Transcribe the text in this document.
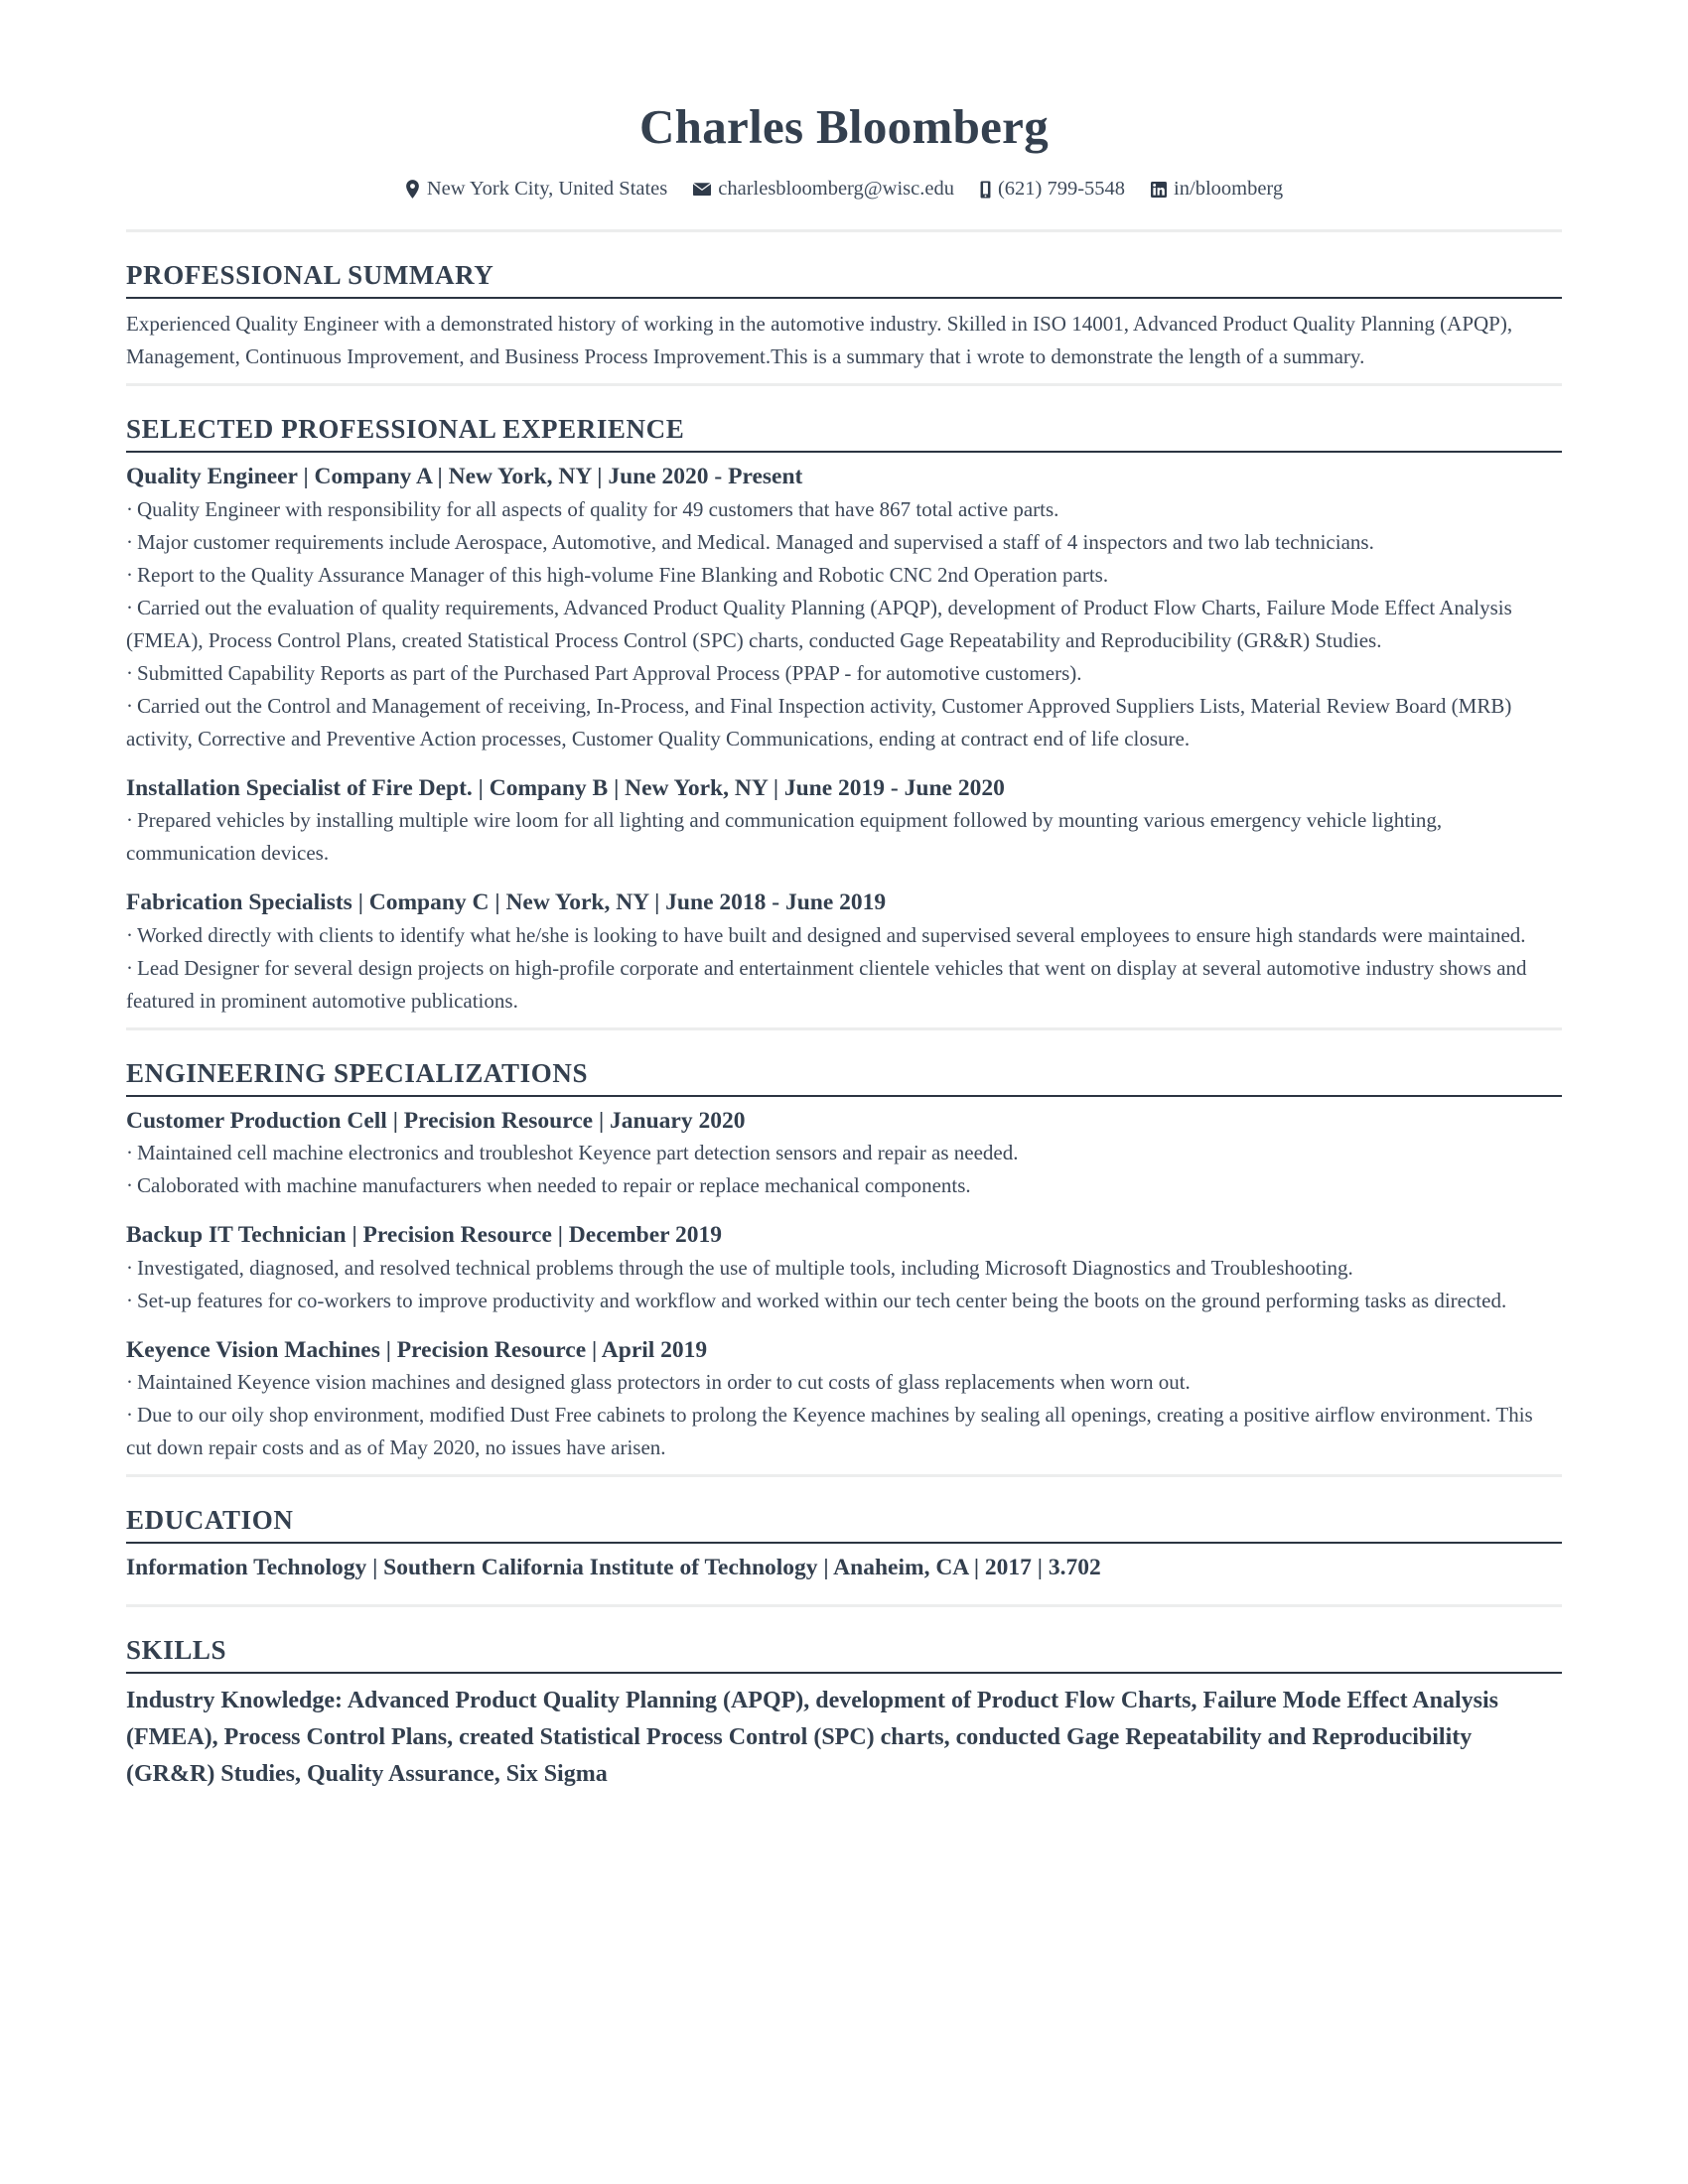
Charles Bloomberg
New York City, United States charlesbloomberg@wisc.edu (621) 799-5548 in/bloomberg
PROFESSIONAL SUMMARY

Experienced Quality Engineer with a demonstrated history of working in the automotive industry. Skilled in ISO 14001, Advanced Product Quality Planning (APQP), Management, Continuous Improvement, and Business Process Improvement.This is a summary that i wrote to demonstrate the length of a summary.

SELECTED PROFESSIONAL EXPERIENCE
Quality Engineer | Company A | New York, NY | June 2020 - Present
· Quality Engineer with responsibility for all aspects of quality for 49 customers that have 867 total active parts.
· Major customer requirements include Aerospace, Automotive, and Medical. Managed and supervised a staff of 4 inspectors and two lab technicians.
· Report to the Quality Assurance Manager of this high-volume Fine Blanking and Robotic CNC 2nd Operation parts.
· Carried out the evaluation of quality requirements, Advanced Product Quality Planning (APQP), development of Product Flow Charts, Failure Mode Effect Analysis (FMEA), Process Control Plans, created Statistical Process Control (SPC) charts, conducted Gage Repeatability and Reproducibility (GR&R) Studies.
· Submitted Capability Reports as part of the Purchased Part Approval Process (PPAP - for automotive customers).
· Carried out the Control and Management of receiving, In-Process, and Final Inspection activity, Customer Approved Suppliers Lists, Material Review Board (MRB) activity, Corrective and Preventive Action processes, Customer Quality Communications, ending at contract end of life closure.
Installation Specialist of Fire Dept. | Company B | New York, NY | June 2019 - June 2020
· Prepared vehicles by installing multiple wire loom for all lighting and communication equipment followed by mounting various emergency vehicle lighting, communication devices.
Fabrication Specialists | Company C | New York, NY | June 2018 - June 2019
· Worked directly with clients to identify what he/she is looking to have built and designed and supervised several employees to ensure high standards were maintained.
· Lead Designer for several design projects on high-profile corporate and entertainment clientele vehicles that went on display at several automotive industry shows and featured in prominent automotive publications.
ENGINEERING SPECIALIZATIONS
Customer Production Cell | Precision Resource | January 2020
· Maintained cell machine electronics and troubleshot Keyence part detection sensors and repair as needed.
· Caloborated with machine manufacturers when needed to repair or replace mechanical components.
Backup IT Technician | Precision Resource | December 2019
· Investigated, diagnosed, and resolved technical problems through the use of multiple tools, including Microsoft Diagnostics and Troubleshooting.
· Set-up features for co-workers to improve productivity and workflow and worked within our tech center being the boots on the ground performing tasks as directed.
Keyence Vision Machines | Precision Resource | April 2019
· Maintained Keyence vision machines and designed glass protectors in order to cut costs of glass replacements when worn out.
· Due to our oily shop environment, modified Dust Free cabinets to prolong the Keyence machines by sealing all openings, creating a positive airflow environment. This cut down repair costs and as of May 2020, no issues have arisen.
EDUCATION
Information Technology | Southern California Institute of Technology | Anaheim, CA | 2017 | 3.702
SKILLS
Industry Knowledge: Advanced Product Quality Planning (APQP), development of Product Flow Charts, Failure Mode Effect Analysis (FMEA), Process Control Plans, created Statistical Process Control (SPC) charts, conducted Gage Repeatability and Reproducibility (GR&R) Studies, Quality Assurance, Six Sigma
